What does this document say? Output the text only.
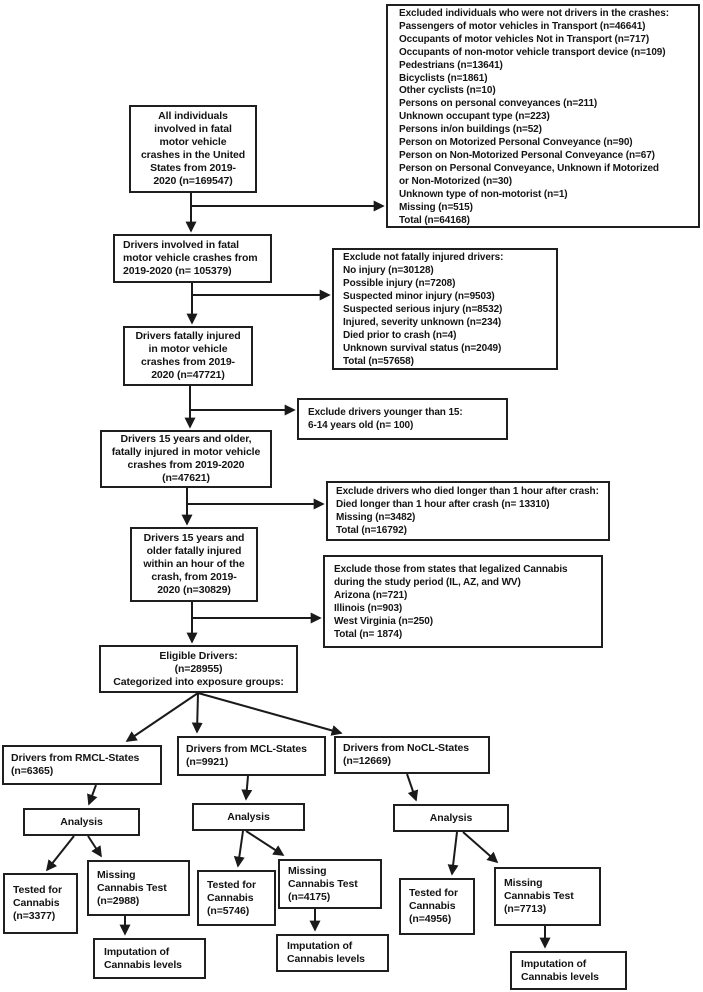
All individuals
involved in fatal
motor vehicle
crashes in the United
States from 2019-
2020 (n=169547)
Drivers involved in fatal
motor vehicle crashes from
2019-2020 (n= 105379)
Drivers fatally injured
in motor vehicle
crashes from 2019-
2020 (n=47721)
Drivers 15 years and older,
fatally injured in motor vehicle
crashes from 2019-2020
(n=47621)
Drivers 15 years and
older fatally injured
within an hour of the
crash, from 2019-
2020 (n=30829)
Eligible Drivers:
(n=28955)
Categorized into exposure groups:
Excluded individuals who were not drivers in the crashes:
Passengers of motor vehicles in Transport (n=46641)
Occupants of motor vehicles Not in Transport (n=717)
Occupants of non-motor vehicle transport device (n=109)
Pedestrians (n=13641)
Bicyclists (n=1861)
Other cyclists (n=10)
Persons on personal conveyances (n=211)
Unknown occupant type (n=223)
Persons in/on buildings (n=52)
Person on Motorized Personal Conveyance (n=90)
Person on Non-Motorized Personal Conveyance (n=67)
Person on Personal Conveyance, Unknown if Motorized
or Non-Motorized (n=30)
Unknown type of non-motorist (n=1)
Missing (n=515)
Total (n=64168)
Exclude not fatally injured drivers:
No injury (n=30128)
Possible injury (n=7208)
Suspected minor injury (n=9503)
Suspected serious injury (n=8532)
Injured, severity unknown (n=234)
Died prior to crash (n=4)
Unknown survival status (n=2049)
Total (n=57658)
Exclude drivers younger than 15:
6-14 years old (n= 100)
Exclude drivers who died longer than 1 hour after crash:
Died longer than 1 hour after crash (n= 13310)
Missing (n=3482)
Total (n=16792)
Exclude those from states that legalized Cannabis
during the study period (IL, AZ, and WV)
Arizona (n=721)
Illinois (n=903)
West Virginia (n=250)
Total (n= 1874)
Drivers from RMCL-States
(n=6365)
Drivers from MCL-States
(n=9921)
Drivers from NoCL-States
(n=12669)
Analysis	Analysis	Analysis
Tested for
Cannabis
(n=3377)
Missing
Cannabis Test
(n=2988)
Imputation of
Cannabis levels
Tested for
Cannabis
(n=5746)
Missing
Cannabis Test
(n=4175)
Imputation of
Cannabis levels
Tested for
Cannabis
(n=4956)
Missing
Cannabis Test
(n=7713)
Imputation of
Cannabis levels
